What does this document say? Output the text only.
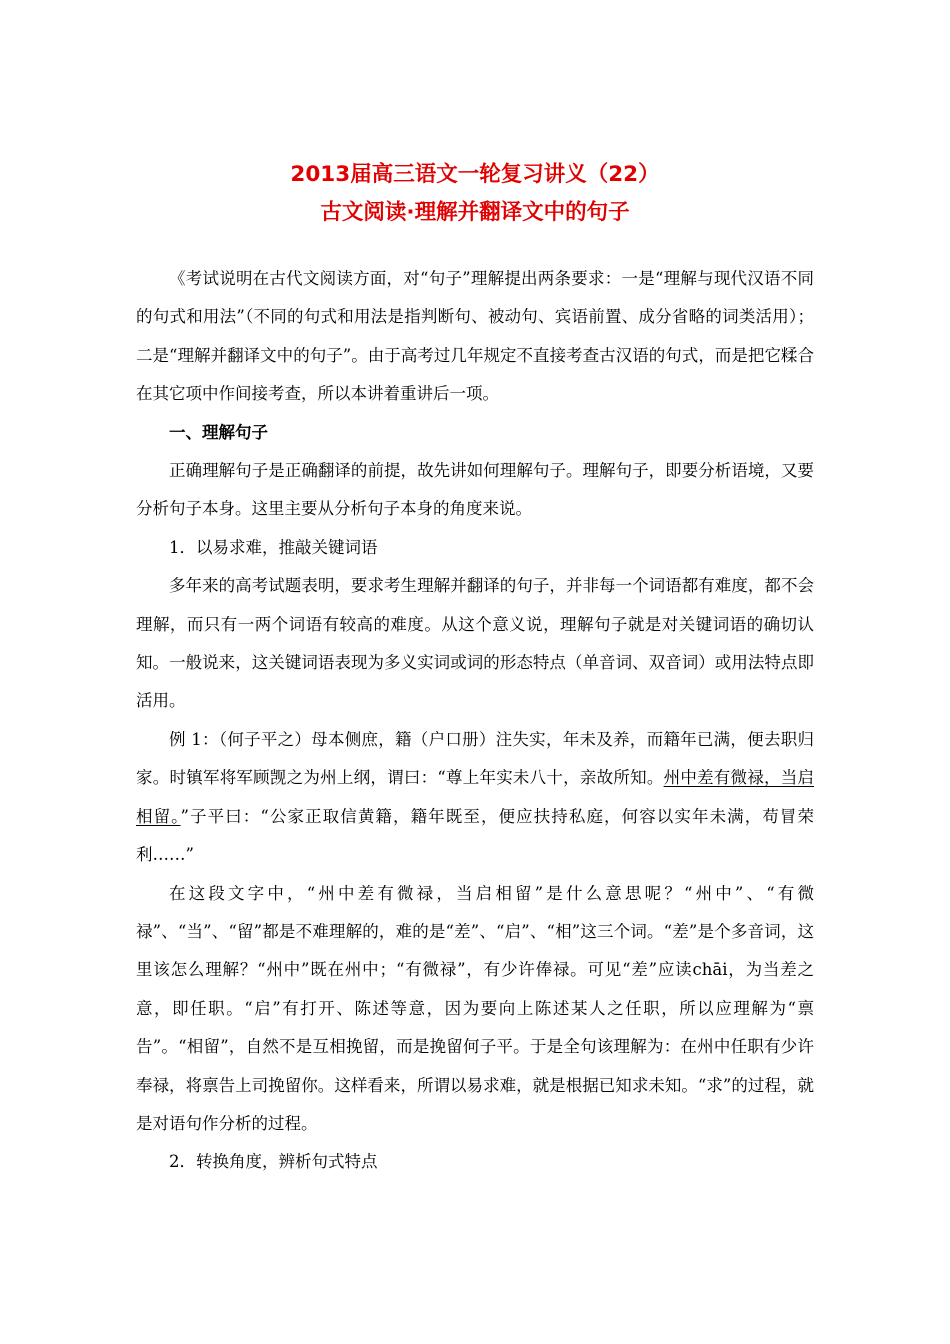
2013届高三语文一轮复习讲义（22）
古文阅读·理解并翻译文中的句子

《考试说明在古代文阅读方面，对“句子”理解提出两条要求：一是“理解与现代汉语不同的句式和用法”（不同的句式和用法是指判断句、被动句、宾语前置、成分省略的词类活用）；二是“理解并翻译文中的句子”。由于高考过几年规定不直接考查古汉语的句式，而是把它糅合在其它项中作间接考查，所以本讲着重讲后一项。

一、理解句子

正确理解句子是正确翻译的前提，故先讲如何理解句子。理解句子，即要分析语境，又要分析句子本身。这里主要从分析句子本身的角度来说。

1．以易求难，推敲关键词语

多年来的高考试题表明，要求考生理解并翻译的句子，并非每一个词语都有难度，都不会理解，而只有一两个词语有较高的难度。从这个意义说，理解句子就是对关键词语的确切认知。一般说来，这关键词语表现为多义实词或词的形态特点（单音词、双音词）或用法特点即活用。

例 1：（何子平之）母本侧庶，籍（户口册）注失实，年未及养，而籍年已满，便去职归家。时镇军将军顾觊之为州上纲，谓曰：“尊上年实未八十，亲故所知。州中差有微禄，当启相留。”子平曰：“公家正取信黄籍，籍年既至，便应扶持私庭，何容以实年未满，苟冒荣利……”

在这段文字中，“州中差有微禄，当启相留”是什么意思呢？“州中”、“有微禄”、“当”、“留”都是不难理解的，难的是“差”、“启”、“相”这三个词。“差”是个多音词，这里该怎么理解？“州中”既在州中；“有微禄”，有少许俸禄。可见“差”应读chāi，为当差之意，即任职。“启”有打开、陈述等意，因为要向上陈述某人之任职，所以应理解为“禀告”。“相留”，自然不是互相挽留，而是挽留何子平。于是全句该理解为：在州中任职有少许奉禄，将禀告上司挽留你。这样看来，所谓以易求难，就是根据已知求未知。“求”的过程，就是对语句作分析的过程。

2．转换角度，辨析句式特点
